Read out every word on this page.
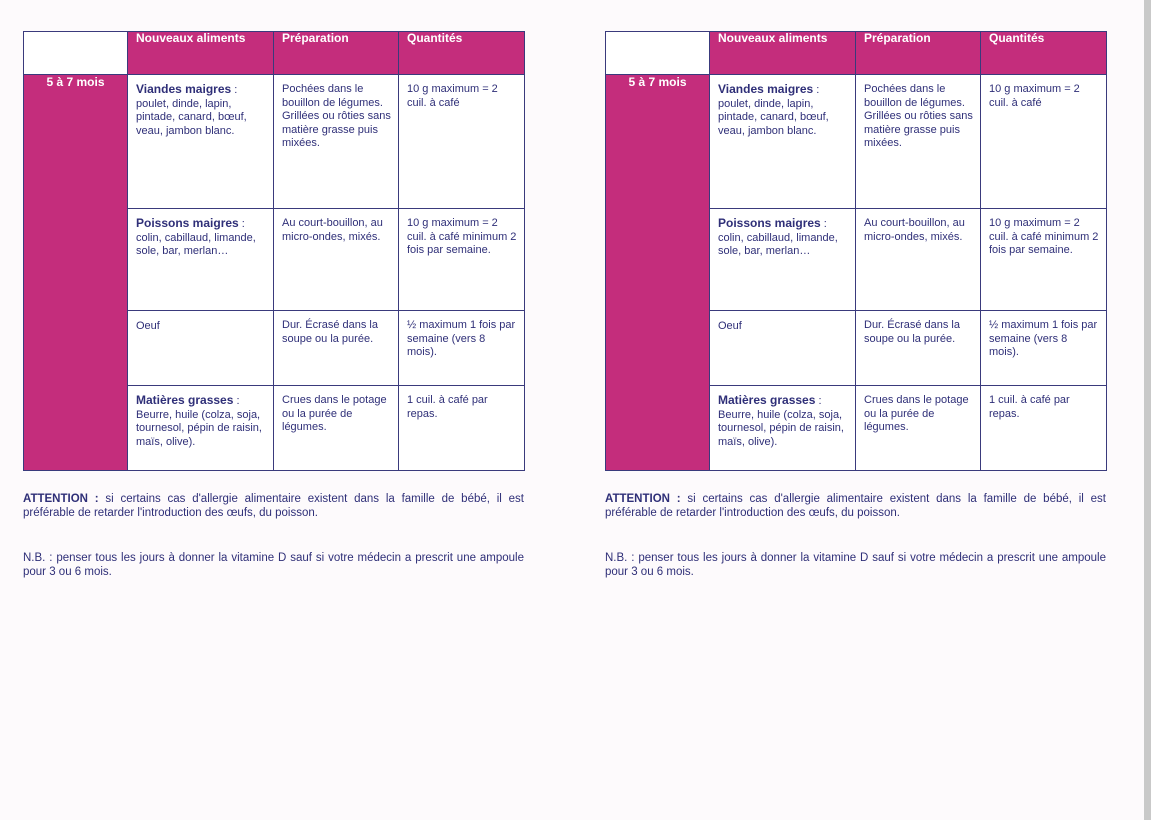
	Nouveaux aliments	Préparation	Quantités
5 à 7 mois	Viandes maigres : poulet, dinde, lapin, pintade, canard, bœuf, veau, jambon blanc.	Pochées dans le bouillon de légumes. Grillées ou rôties sans matière grasse puis mixées.	10 g maximum = 2 cuil. à café
	Poissons maigres : colin, cabillaud, limande, sole, bar, merlan…	Au court-bouillon, au micro-ondes, mixés.	10 g maximum = 2 cuil. à café minimum 2 fois par semaine.
	Oeuf	Dur. Écrasé dans la soupe ou la purée.	½ maximum 1 fois par semaine (vers 8 mois).
	Matières grasses : Beurre, huile (colza, soja, tournesol, pépin de raisin, maïs, olive).	Crues dans le potage ou la purée de légumes.	1 cuil. à café par repas.

ATTENTION : si certains cas d'allergie alimentaire existent dans la famille de bébé, il est préférable de retarder l'introduction des œufs, du poisson.

N.B. : penser tous les jours à donner la vitamine D sauf si votre médecin a prescrit une ampoule pour 3 ou 6 mois.

	Nouveaux aliments	Préparation	Quantités
5 à 7 mois	Viandes maigres : poulet, dinde, lapin, pintade, canard, bœuf, veau, jambon blanc.	Pochées dans le bouillon de légumes. Grillées ou rôties sans matière grasse puis mixées.	10 g maximum = 2 cuil. à café
	Poissons maigres : colin, cabillaud, limande, sole, bar, merlan…	Au court-bouillon, au micro-ondes, mixés.	10 g maximum = 2 cuil. à café minimum 2 fois par semaine.
	Oeuf	Dur. Écrasé dans la soupe ou la purée.	½ maximum 1 fois par semaine (vers 8 mois).
	Matières grasses : Beurre, huile (colza, soja, tournesol, pépin de raisin, maïs, olive).	Crues dans le potage ou la purée de légumes.	1 cuil. à café par repas.

ATTENTION : si certains cas d'allergie alimentaire existent dans la famille de bébé, il est préférable de retarder l'introduction des œufs, du poisson.

N.B. : penser tous les jours à donner la vitamine D sauf si votre médecin a prescrit une ampoule pour 3 ou 6 mois.
